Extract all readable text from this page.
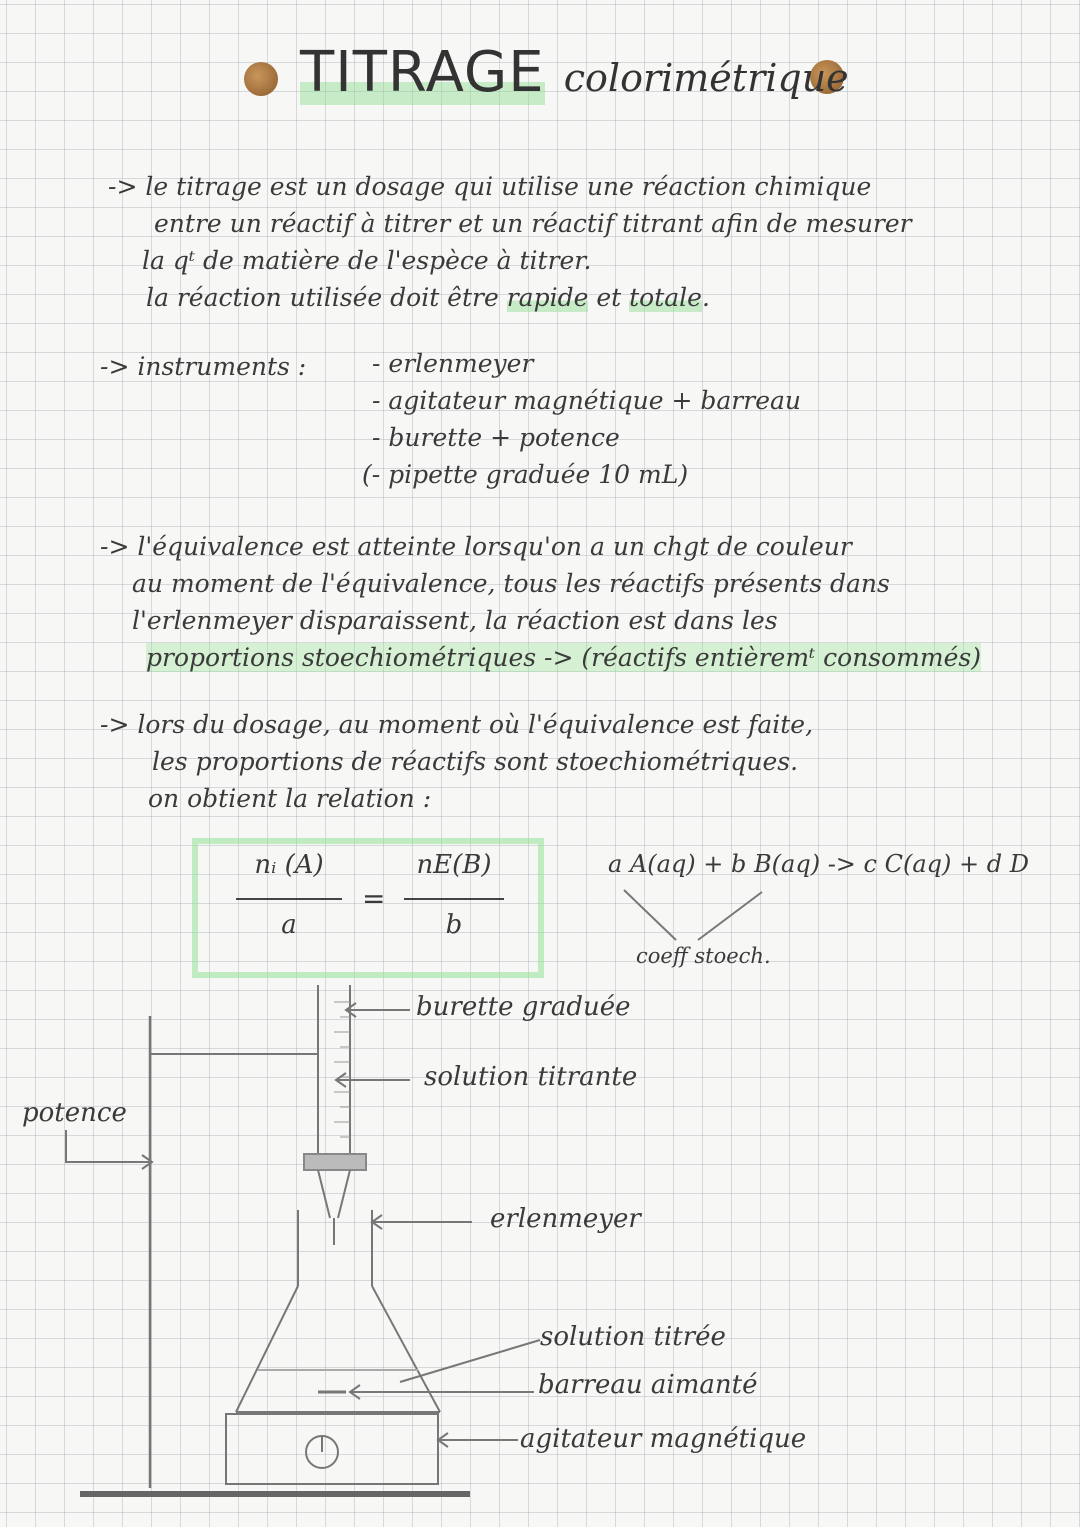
TITRAGE colorimétrique
-> le titrage est un dosage qui utilise une réaction chimique
entre un réactif à titrer et un réactif titrant afin de mesurer
la qᵗ de matière de l'espèce à titrer.
la réaction utilisée doit être rapide et totale.
-> instruments :	- erlenmeyer
- agitateur magnétique + barreau
- burette + potence
(- pipette graduée 10 mL)
-> l'équivalence est atteinte lorsqu'on a un chgt de couleur
au moment de l'équivalence, tous les réactifs présents dans
l'erlenmeyer disparaissent, la réaction est dans les
proportions stoechiométriques -> (réactifs entièremᵗ consommés)
-> lors du dosage, au moment où l'équivalence est faite,
les proportions de réactifs sont stoechiométriques.
on obtient la relation :
nᵢ (A)
a
=
nE(B)
b
a A(aq) + b B(aq) -> c C(aq) + d D
coeff stoech.
burette graduée
solution titrante
potence
erlenmeyer
solution titrée
barreau aimanté
agitateur magnétique
